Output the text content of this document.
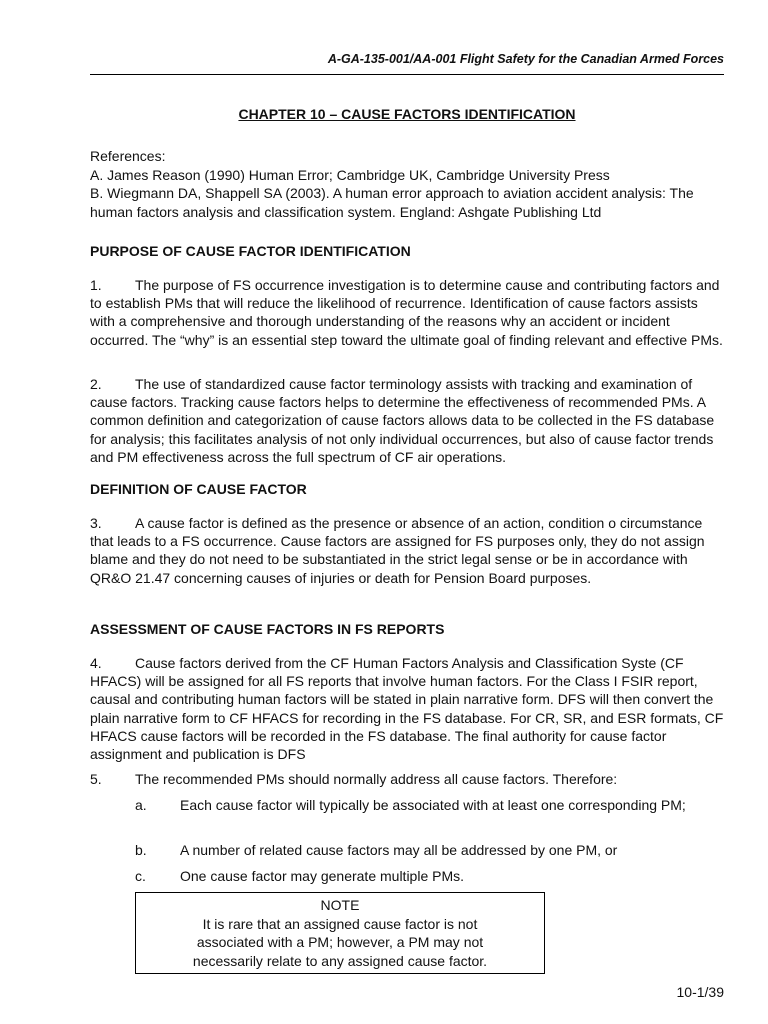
A-GA-135-001/AA-001 Flight Safety for the Canadian Armed Forces
CHAPTER 10 – CAUSE FACTORS IDENTIFICATION
References:
A. James Reason (1990) Human Error; Cambridge UK, Cambridge University Press
B. Wiegmann DA, Shappell SA (2003). A human error approach to aviation accident analysis: The human factors analysis and classification system. England: Ashgate Publishing Ltd
PURPOSE OF CAUSE FACTOR IDENTIFICATION
1. The purpose of FS occurrence investigation is to determine cause and contributing factors and to establish PMs that will reduce the likelihood of recurrence. Identification of cause factors assists with a comprehensive and thorough understanding of the reasons why an accident or incident occurred. The “why” is an essential step toward the ultimate goal of finding relevant and effective PMs.
2. The use of standardized cause factor terminology assists with tracking and examination of cause factors. Tracking cause factors helps to determine the effectiveness of recommended PMs. A common definition and categorization of cause factors allows data to be collected in the FS database for analysis; this facilitates analysis of not only individual occurrences, but also of cause factor trends and PM effectiveness across the full spectrum of CF air operations.
DEFINITION OF CAUSE FACTOR
3. A cause factor is defined as the presence or absence of an action, condition o circumstance that leads to a FS occurrence. Cause factors are assigned for FS purposes only, they do not assign blame and they do not need to be substantiated in the strict legal sense or be in accordance with QR&O 21.47 concerning causes of injuries or death for Pension Board purposes.
ASSESSMENT OF CAUSE FACTORS IN FS REPORTS
4. Cause factors derived from the CF Human Factors Analysis and Classification Syste (CF HFACS) will be assigned for all FS reports that involve human factors. For the Class I FSIR report, causal and contributing human factors will be stated in plain narrative form. DFS will then convert the plain narrative form to CF HFACS for recording in the FS database. For CR, SR, and ESR formats, CF HFACS cause factors will be recorded in the FS database. The final authority for cause factor assignment and publication is DFS
5. The recommended PMs should normally address all cause factors. Therefore:
a.	Each cause factor will typically be associated with at least one corresponding PM;
b.	A number of related cause factors may all be addressed by one PM, or
c.	One cause factor may generate multiple PMs.
NOTE
It is rare that an assigned cause factor is not associated with a PM; however, a PM may not necessarily relate to any assigned cause factor.
10-1/39
